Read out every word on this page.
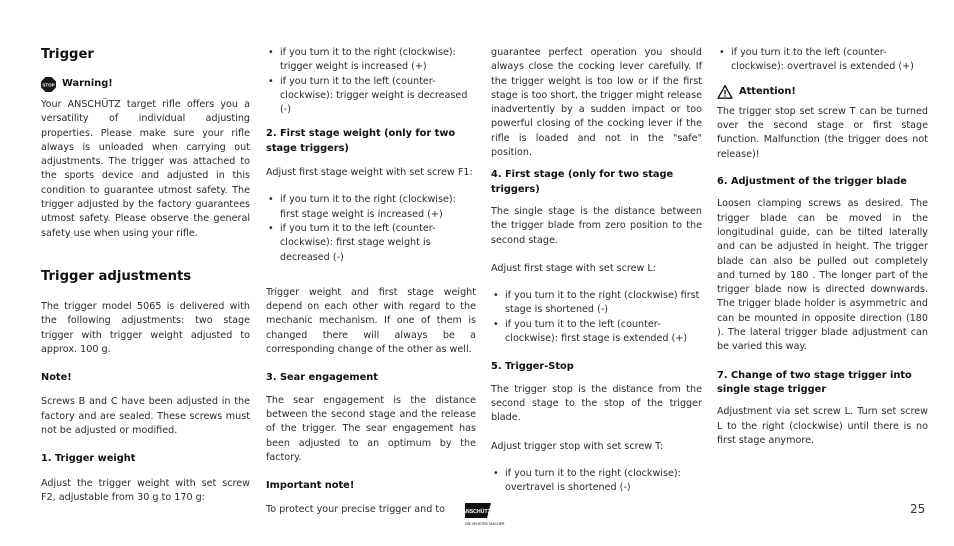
Trigger
STOP Warning!

Your ANSCHÜTZ target rifle offers you a versatility of individual adjusting properties. Please make sure your rifle always is unloaded when carrying out adjustments. The trigger was attached to the sports device and adjusted in this condition to guarantee utmost safety. The trigger adjusted by the factory guarantees utmost safety. Please observe the general safety use when using your rifle.

Trigger adjustments

The trigger model 5065 is delivered with the following adjustments: two stage trigger with trigger weight adjusted to approx. 100 g.

Note!

Screws B and C have been adjusted in the factory and are sealed. These screws must not be adjusted or modified.

1. Trigger weight

Adjust the trigger weight with set screw F2, adjustable from 30 g to 170 g:

• if you turn it to the right (clockwise): trigger weight is increased (+)
• if you turn it to the left (counter-clockwise): trigger weight is decreased (-)
2. First stage weight (only for two stage triggers)

Adjust first stage weight with set screw F1:

• if you turn it to the right (clockwise): first stage weight is increased (+)
• if you turn it to the left (counter-clockwise): first stage weight is decreased (-)

Trigger weight and first stage weight depend on each other with regard to the mechanic mechanism. If one of them is changed there will always be a corresponding change of the other as well.

3. Sear engagement

The sear engagement is the distance between the second stage and the release of the trigger. The sear engagement has been adjusted to an optimum by the factory.

Important note!

To protect your precise trigger and to

guarantee perfect operation you should always close the cocking lever carefully. If the trigger weight is too low or if the first stage is too short, the trigger might release inadvertently by a sudden impact or too powerful closing of the cocking lever if the rifle is loaded and not in the "safe" position.

4. First stage (only for two stage triggers)

The single stage is the distance between the trigger blade from zero position to the second stage.

Adjust first stage with set screw L:

• if you turn it to the right (clockwise) first stage is shortened (-)
• if you turn it to the left (counter-clockwise): first stage is extended (+)
5. Trigger-Stop

The trigger stop is the distance from the second stage to the stop of the trigger blade.

Adjust trigger stop with set screw T:

• if you turn it to the right (clockwise): overtravel is shortened (-)
• if you turn it to the left (counter-clockwise): overtravel is extended (+)
Attention!

The trigger stop set screw T can be turned over the second stage or first stage function. Malfunction (the trigger does not release)!

6. Adjustment of the trigger blade

Loosen clamping screws as desired. The trigger blade can be moved in the longitudinal guide, can be tilted laterally and can be adjusted in height. The trigger blade can also be pulled out completely and turned by 180 . The longer part of the trigger blade now is directed downwards. The trigger blade holder is asymmetric and can be mounted in opposite direction (180 ). The lateral trigger blade adjustment can be varied this way.

7. Change of two stage trigger into single stage trigger

Adjustment via set screw L. Turn set screw L to the right (clockwise) until there is no first stage anymore.

ANSCHÜTZ
DIE MEISTER MACHER
25
